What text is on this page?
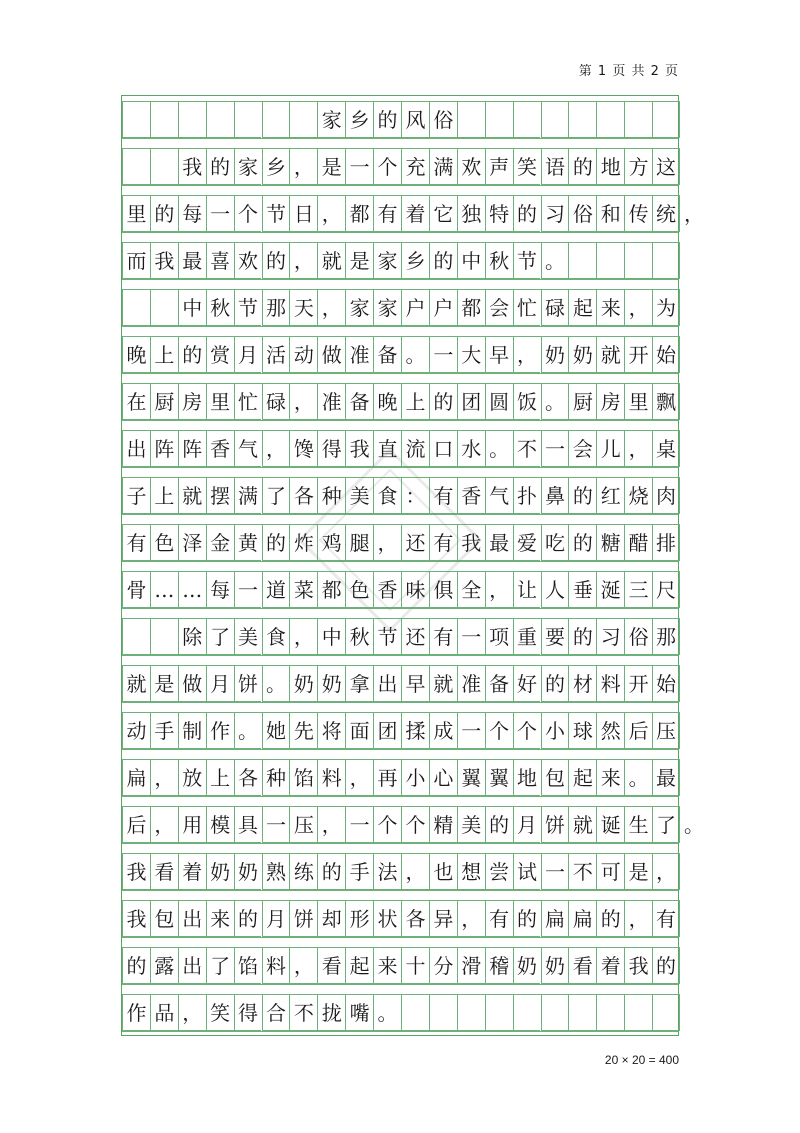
第 1 页 共 2 页
家 乡 的 风 俗
我 的 家 乡 ， 是 一 个 充 满 欢 声 笑 语 的 地 方 这
里 的 每 一 个 节 日 ， 都 有 着 它 独 特 的 习 俗 和 传 统 ，
而 我 最 喜 欢 的 ， 就 是 家 乡 的 中 秋 节 。

中 秋 节 那 天 ， 家 家 户 户 都 会 忙 碌 起 来 ， 为
晚 上 的 赏 月 活 动 做 准 备 。 一 大 早 ， 奶 奶 就 开 始
在 厨 房 里 忙 碌 ， 准 备 晚 上 的 团 圆 饭 。 厨 房 里 飘
出 阵 阵 香 气 ， 馋 得 我 直 流 口 水 。 不 一 会 儿 ， 桌
子 上 就 摆 满 了 各 种 美 食 ： 有 香 气 扑 鼻 的 红 烧 肉
有 色 泽 金 黄 的 炸 鸡 腿 ， 还 有 我 最 爱 吃 的 糖 醋 排
骨 … … 每 一 道 菜 都 色 香 味 俱 全 ， 让 人 垂 涎 三 尺
除 了 美 食 ， 中 秋 节 还 有 一 项 重 要 的 习 俗 那
就 是 做 月 饼 。 奶 奶 拿 出 早 就 准 备 好 的 材 料 开 始
动 手 制 作 。 她 先 将 面 团 揉 成 一 个 个 小 球 然 后 压
扁 ， 放 上 各 种 馅 料 ， 再 小 心 翼 翼 地 包 起 来 。 最
后 ， 用 模 具 一 压 ， 一 个 个 精 美 的 月 饼 就 诞 生 了 。
我 看 着 奶 奶 熟 练 的 手 法 ， 也 想 尝 试 一 不 可 是 ，
我 包 出 来 的 月 饼 却 形 状 各 异 ， 有 的 扁 扁 的 ， 有
的 露 出 了 馅 料 ， 看 起 来 十 分 滑 稽 奶 奶 看 着 我 的
作 品 ， 笑 得 合 不 拢 嘴 。
20 × 20 = 400
